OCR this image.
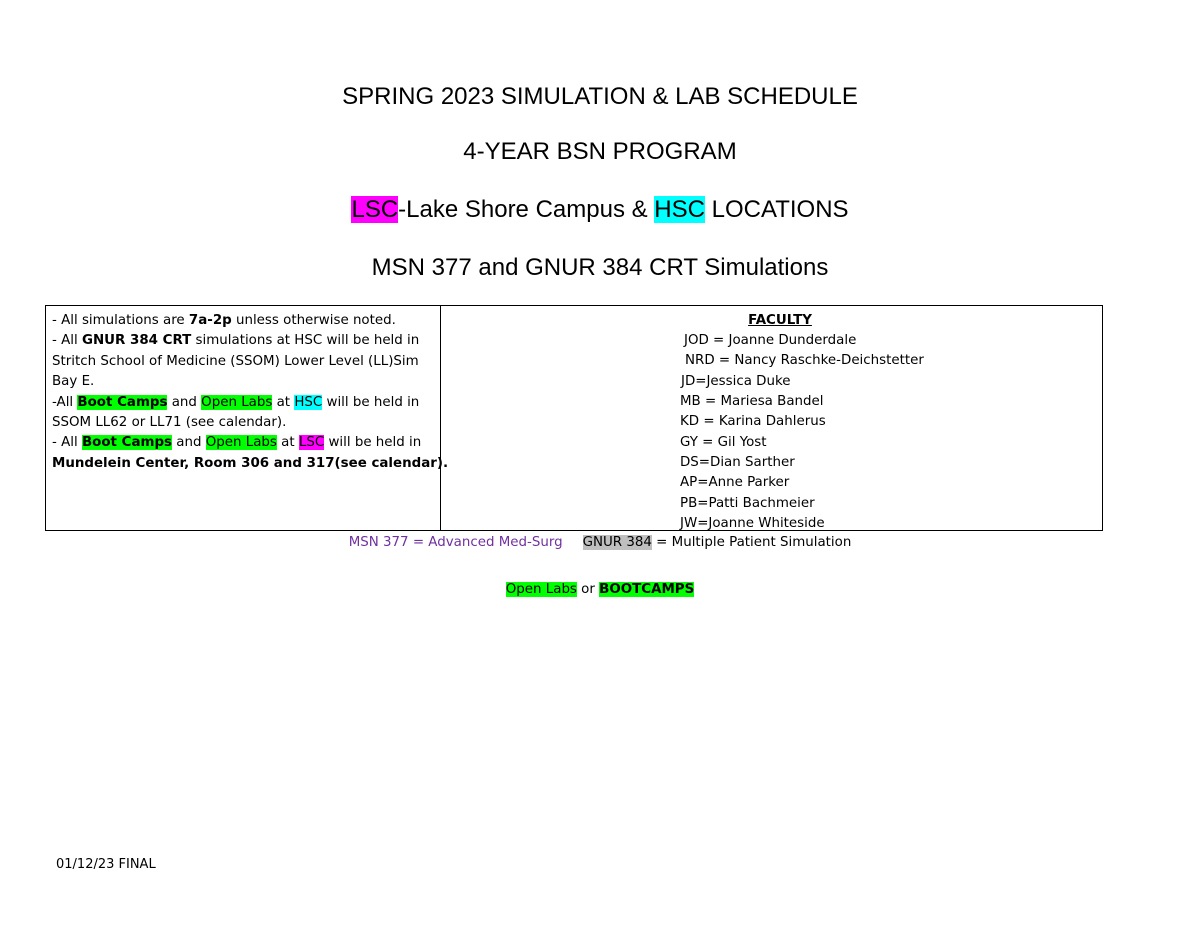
SPRING 2023 SIMULATION & LAB SCHEDULE
4-YEAR BSN PROGRAM
LSC-Lake Shore Campus & HSC LOCATIONS
MSN 377 and GNUR 384 CRT Simulations
- All simulations are 7a-2p unless otherwise noted.
- All GNUR 384 CRT simulations at HSC will be held in
Stritch School of Medicine (SSOM) Lower Level (LL)Sim
Bay E.
-All Boot Camps and Open Labs at HSC will be held in
SSOM LL62 or LL71 (see calendar).
- All Boot Camps and Open Labs at LSC will be held in
Mundelein Center, Room 306 and 317(see calendar).
FACULTY
JOD = Joanne Dunderdale
NRD = Nancy Raschke-Deichstetter
JD=Jessica Duke
MB = Mariesa Bandel
KD = Karina Dahlerus
GY = Gil Yost
DS=Dian Sarther
AP=Anne Parker
PB=Patti Bachmeier
JW=Joanne Whiteside
MSN 377 = Advanced Med-Surg GNUR 384 = Multiple Patient Simulation
Open Labs or BOOTCAMPS
01/12/23 FINAL
